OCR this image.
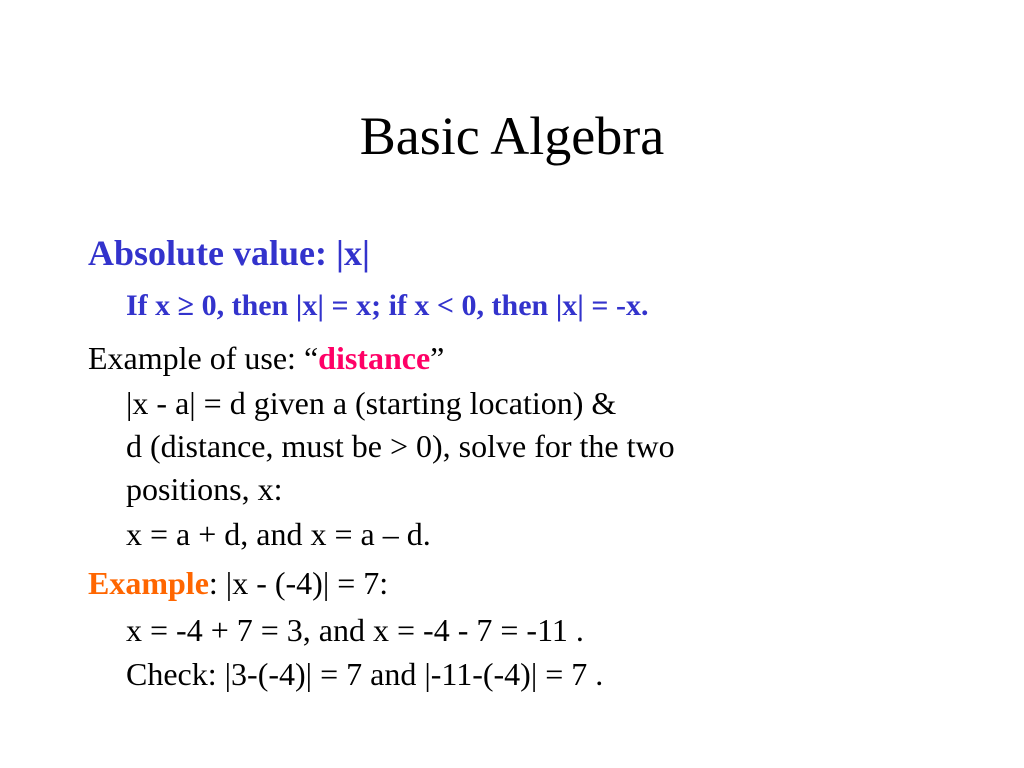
Basic Algebra
Absolute value: |x|
If x ≥ 0, then |x| = x; if x < 0, then |x| = -x.
Example of use: “distance”
|x - a| = d given a (starting location) &
d (distance, must be > 0), solve for the two
positions, x:
x = a + d, and x = a – d.
Example: |x - (-4)| = 7:
x = -4 + 7 = 3, and x = -4 - 7 = -11 .
Check: |3-(-4)| = 7 and |-11-(-4)| = 7 .
